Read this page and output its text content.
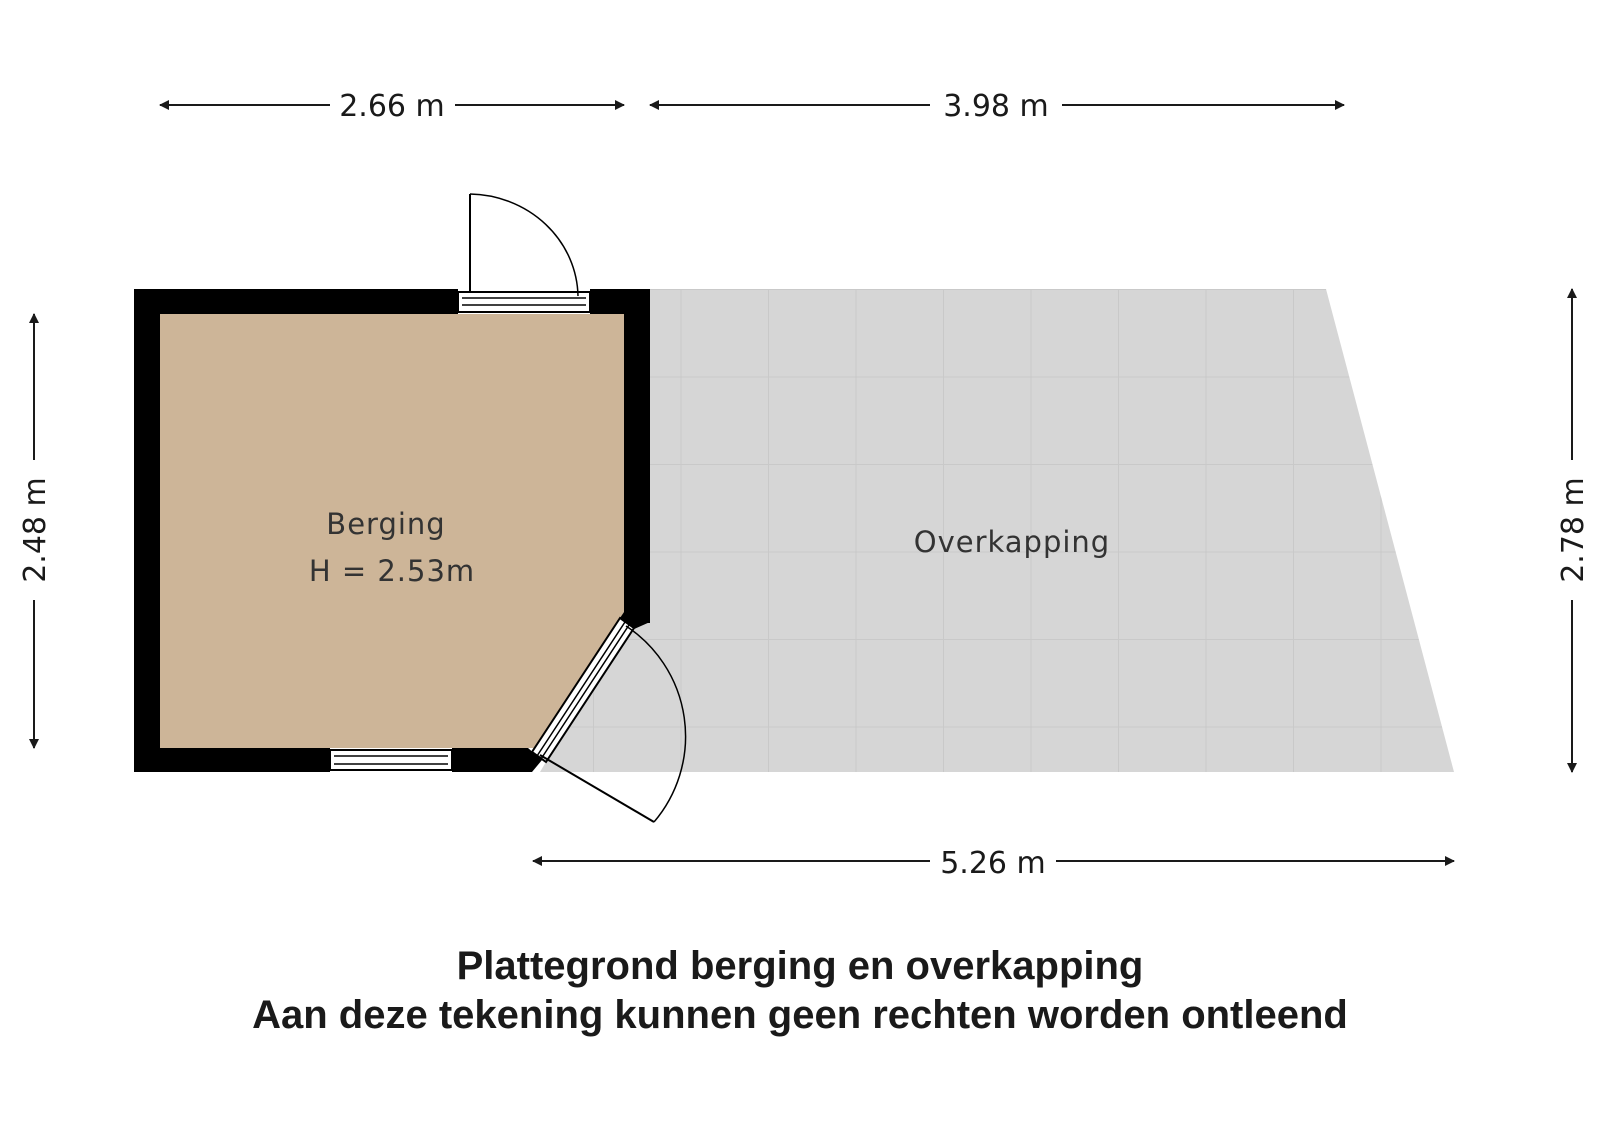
2.66 m	3.98 m
5.26 m
2.48 m	2.78 m
Berging
H = 2.53m
Overkapping
Plattegrond berging en overkapping
Aan deze tekening kunnen geen rechten worden ontleend
